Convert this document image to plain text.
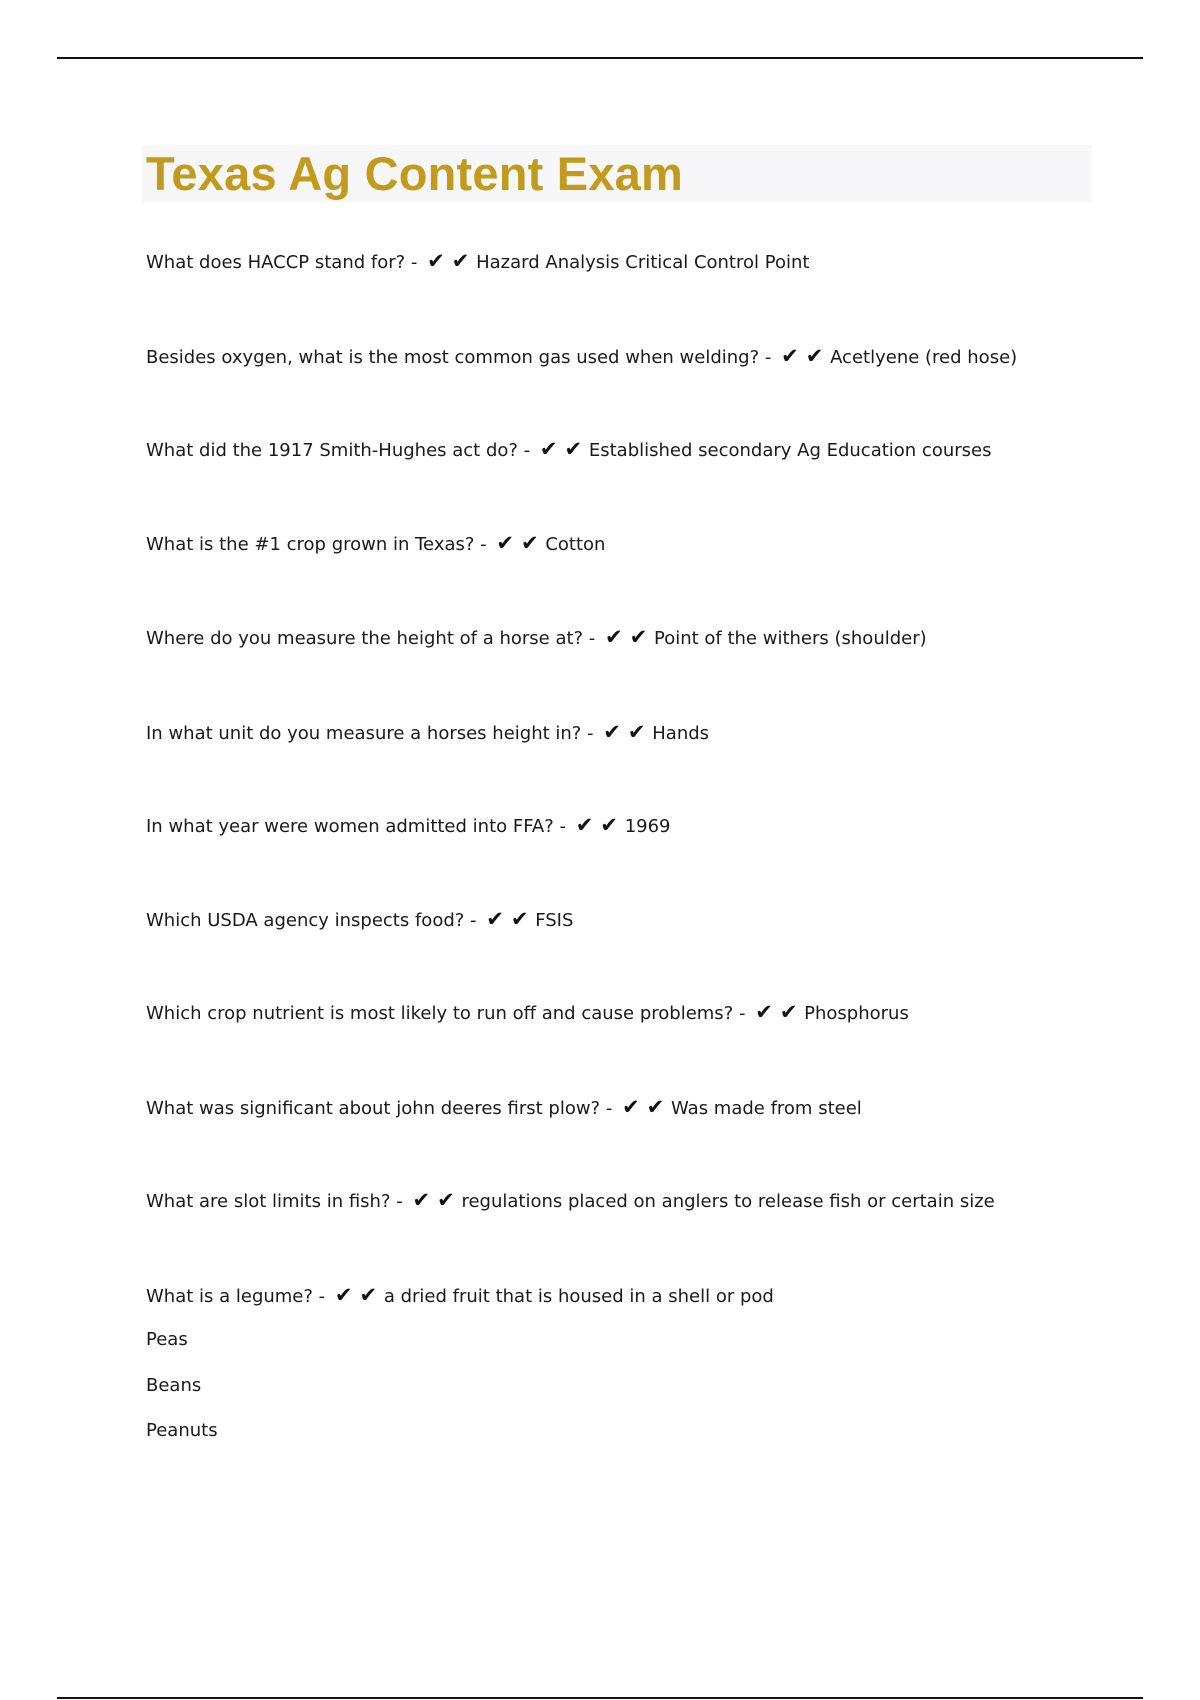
Texas Ag Content Exam

What does HACCP stand for? - ✔ ✔ Hazard Analysis Critical Control Point

Besides oxygen, what is the most common gas used when welding? - ✔ ✔ Acetlyene (red hose)

What did the 1917 Smith-Hughes act do? - ✔ ✔ Established secondary Ag Education courses

What is the #1 crop grown in Texas? - ✔ ✔ Cotton

Where do you measure the height of a horse at? - ✔ ✔ Point of the withers (shoulder)

In what unit do you measure a horses height in? - ✔ ✔ Hands

In what year were women admitted into FFA? - ✔ ✔ 1969

Which USDA agency inspects food? - ✔ ✔ FSIS

Which crop nutrient is most likely to run off and cause problems? - ✔ ✔ Phosphorus

What was significant about john deeres first plow? - ✔ ✔ Was made from steel

What are slot limits in fish? - ✔ ✔ regulations placed on anglers to release fish or certain size

What is a legume? - ✔ ✔ a dried fruit that is housed in a shell or pod

Peas

Beans

Peanuts
